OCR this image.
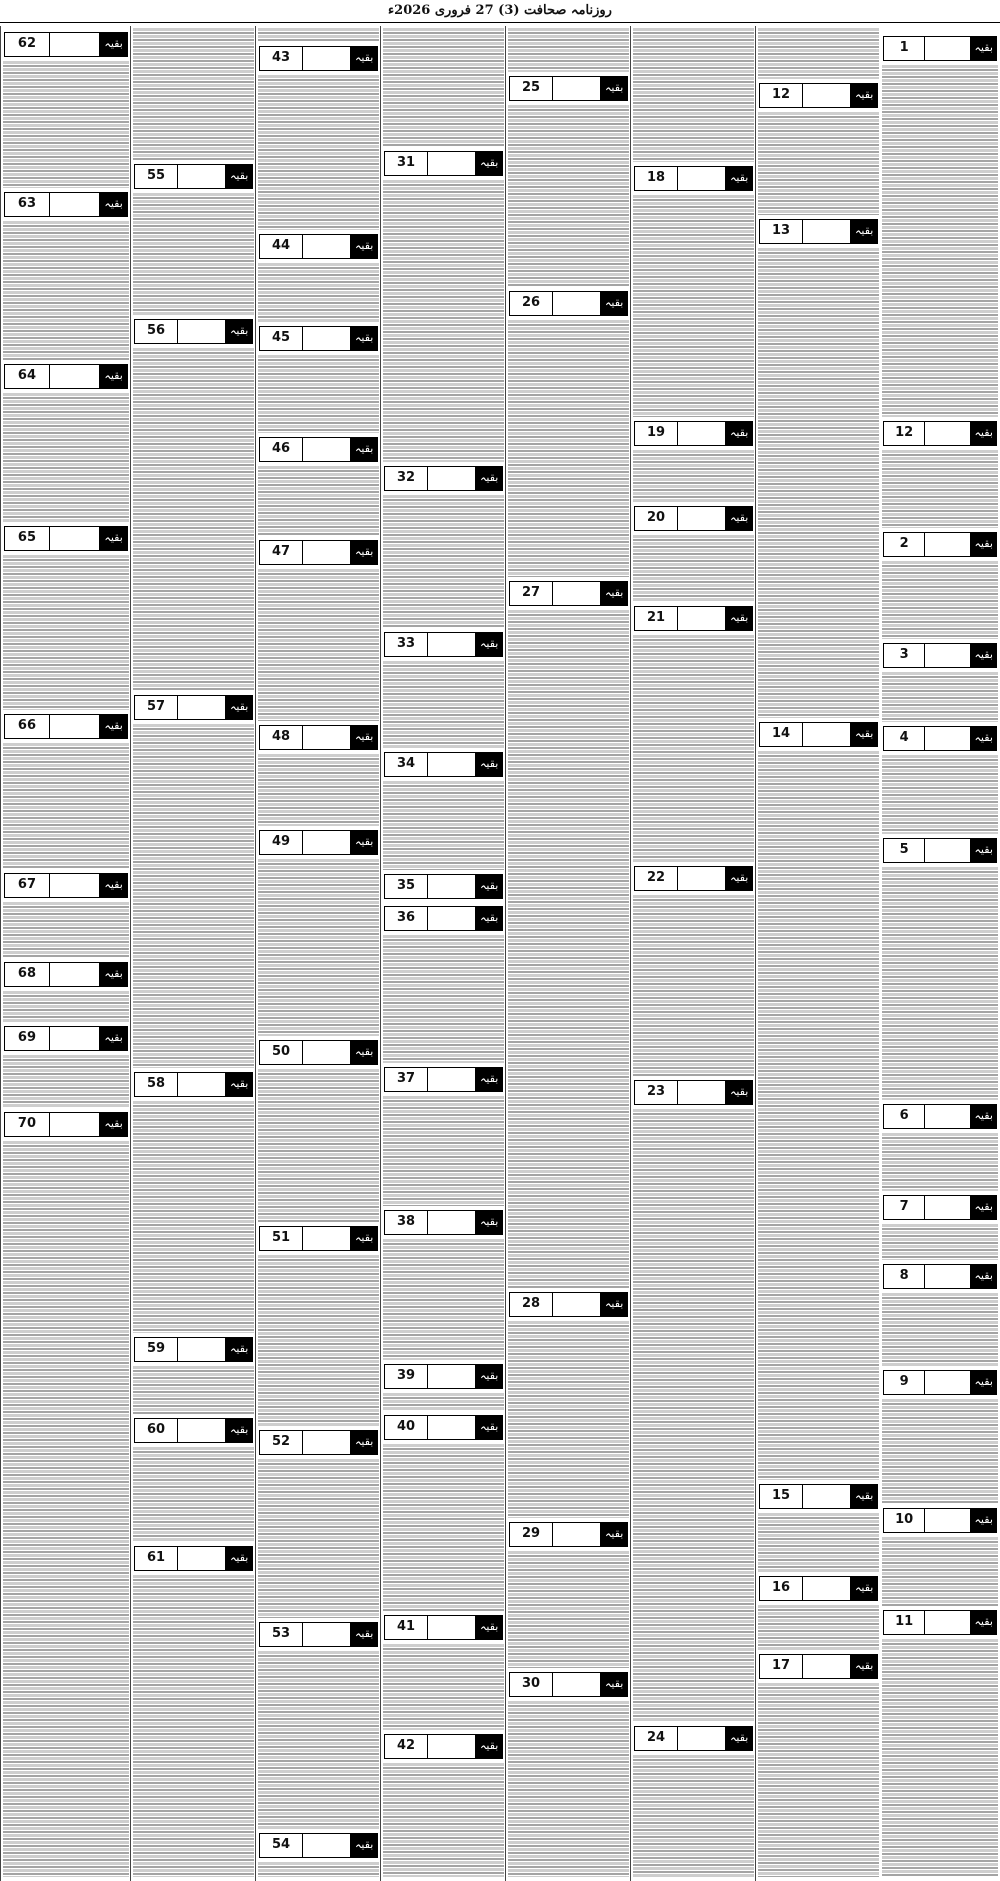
روزنامہ صحافت (3) 27 فروری 2026ء
1	بقیہ
12	بقیہ
2	بقیہ
3	بقیہ
4	بقیہ
5	بقیہ
6	بقیہ
7	بقیہ
8	بقیہ
9	بقیہ
10	بقیہ
11	بقیہ
12	بقیہ
13	بقیہ
14	بقیہ
15	بقیہ
16	بقیہ
17	بقیہ
18	بقیہ
19	بقیہ
20	بقیہ
21	بقیہ
22	بقیہ
23	بقیہ
24	بقیہ
25	بقیہ
26	بقیہ
27	بقیہ
28	بقیہ
29	بقیہ
30	بقیہ
31	بقیہ
32	بقیہ
33	بقیہ
34	بقیہ
35	بقیہ
36	بقیہ
37	بقیہ
38	بقیہ
39	بقیہ
40	بقیہ
41	بقیہ
42	بقیہ
43	بقیہ
44	بقیہ
45	بقیہ
46	بقیہ
47	بقیہ
48	بقیہ
49	بقیہ
50	بقیہ
51	بقیہ
52	بقیہ
53	بقیہ
54	بقیہ
55	بقیہ
56	بقیہ
57	بقیہ
58	بقیہ
59	بقیہ
60	بقیہ
61	بقیہ
62	بقیہ
63	بقیہ
64	بقیہ
65	بقیہ
66	بقیہ
67	بقیہ
68	بقیہ
69	بقیہ
70	بقیہ
